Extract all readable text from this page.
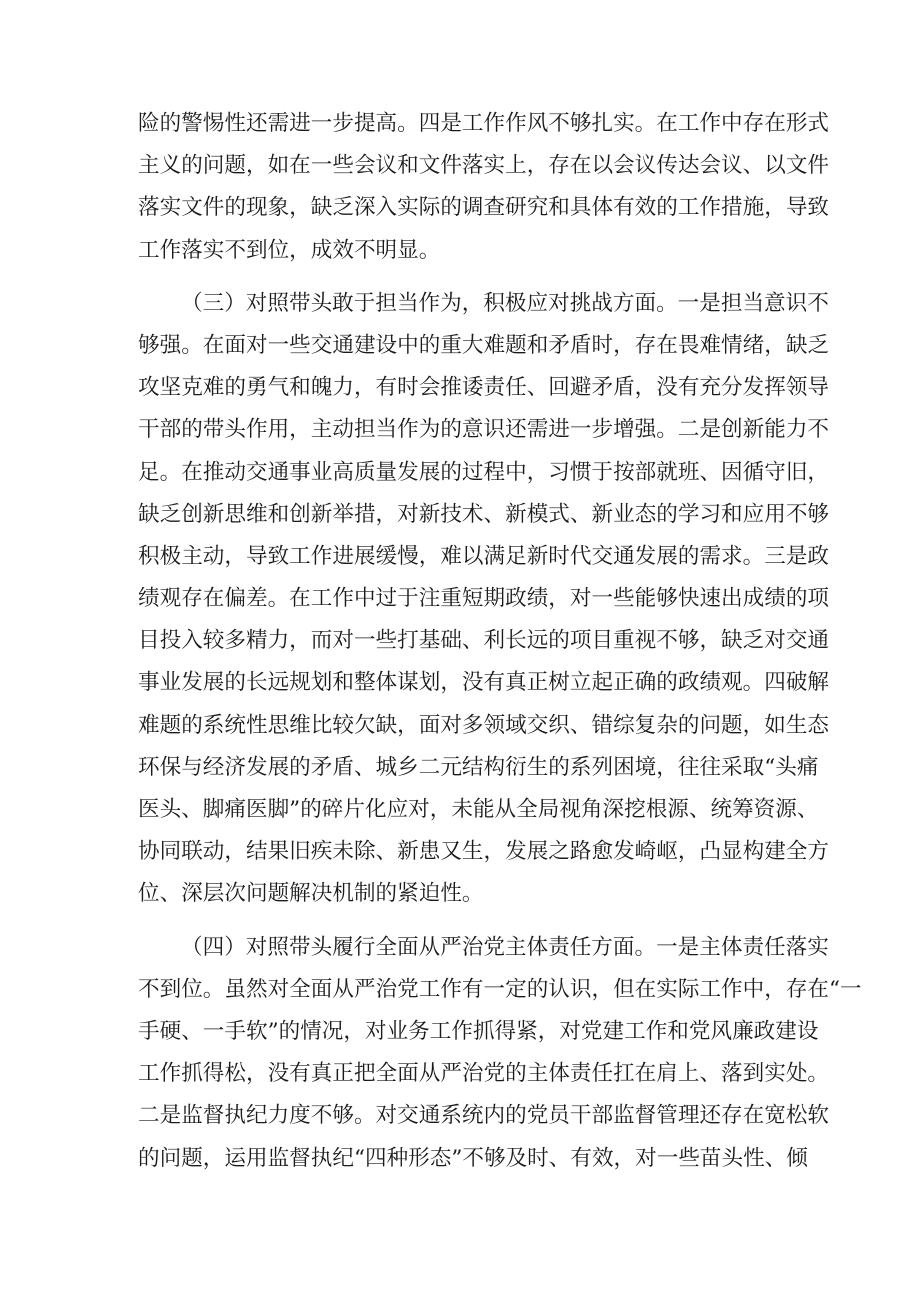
险的警惕性还需进一步提高。四是工作作风不够扎实。在工作中存在形式
主义的问题，如在一些会议和文件落实上，存在以会议传达会议、以文件
落实文件的现象，缺乏深入实际的调查研究和具体有效的工作措施，导致
工作落实不到位，成效不明显。
（三）对照带头敢于担当作为，积极应对挑战方面。一是担当意识不
够强。在面对一些交通建设中的重大难题和矛盾时，存在畏难情绪，缺乏
攻坚克难的勇气和魄力，有时会推诿责任、回避矛盾，没有充分发挥领导
干部的带头作用，主动担当作为的意识还需进一步增强。二是创新能力不
足。在推动交通事业高质量发展的过程中，习惯于按部就班、因循守旧，
缺乏创新思维和创新举措，对新技术、新模式、新业态的学习和应用不够
积极主动，导致工作进展缓慢，难以满足新时代交通发展的需求。三是政
绩观存在偏差。在工作中过于注重短期政绩，对一些能够快速出成绩的项
目投入较多精力，而对一些打基础、利长远的项目重视不够，缺乏对交通
事业发展的长远规划和整体谋划，没有真正树立起正确的政绩观。四破解
难题的系统性思维比较欠缺，面对多领域交织、错综复杂的问题，如生态
环保与经济发展的矛盾、城乡二元结构衍生的系列困境，往往采取“头痛
医头、脚痛医脚”的碎片化应对，未能从全局视角深挖根源、统筹资源、
协同联动，结果旧疾未除、新患又生，发展之路愈发崎岖，凸显构建全方
位、深层次问题解决机制的紧迫性。
（四）对照带头履行全面从严治党主体责任方面。一是主体责任落实
不到位。虽然对全面从严治党工作有一定的认识，但在实际工作中，存在“一
手硬、一手软”的情况，对业务工作抓得紧，对党建工作和党风廉政建设
工作抓得松，没有真正把全面从严治党的主体责任扛在肩上、落到实处。
二是监督执纪力度不够。对交通系统内的党员干部监督管理还存在宽松软
的问题，运用监督执纪“四种形态”不够及时、有效，对一些苗头性、倾
